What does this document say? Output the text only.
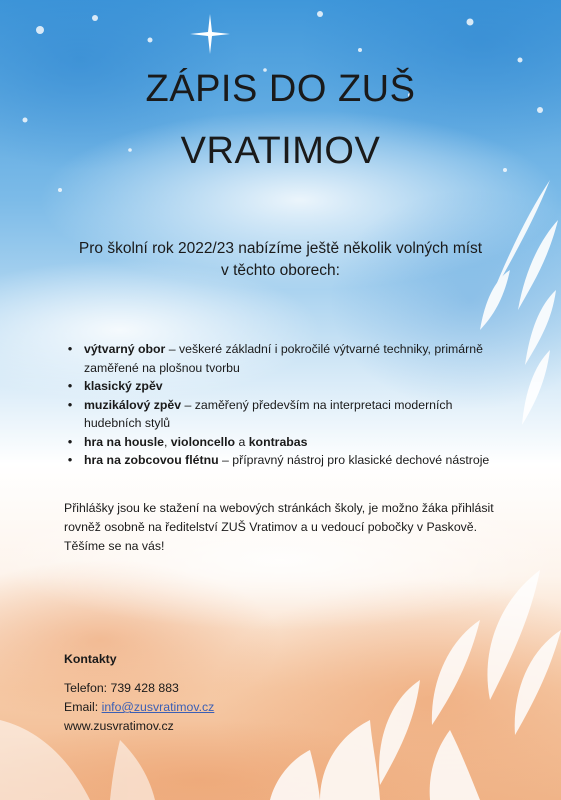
ZÁPIS DO ZUŠ
VRATIMOV

Pro školní rok 2022/23 nabízíme ještě několik volných míst
v těchto oborech:

• výtvarný obor – veškeré základní i pokročilé výtvarné techniky, primárně zaměřené na plošnou tvorbu
• klasický zpěv
• muzikálový zpěv – zaměřený především na interpretaci moderních hudebních stylů
• hra na housle, violoncello a kontrabas
• hra na zobcovou flétnu – přípravný nástroj pro klasické dechové nástroje

Přihlášky jsou ke stažení na webových stránkách školy, je možno žáka přihlásit
rovněž osobně na ředitelství ZUŠ Vratimov a u vedoucí pobočky v Paskově.
Těšíme se na vás!

Kontakty

Telefon: 739 428 883

Email: info@zusvratimov.cz

www.zusvratimov.cz
